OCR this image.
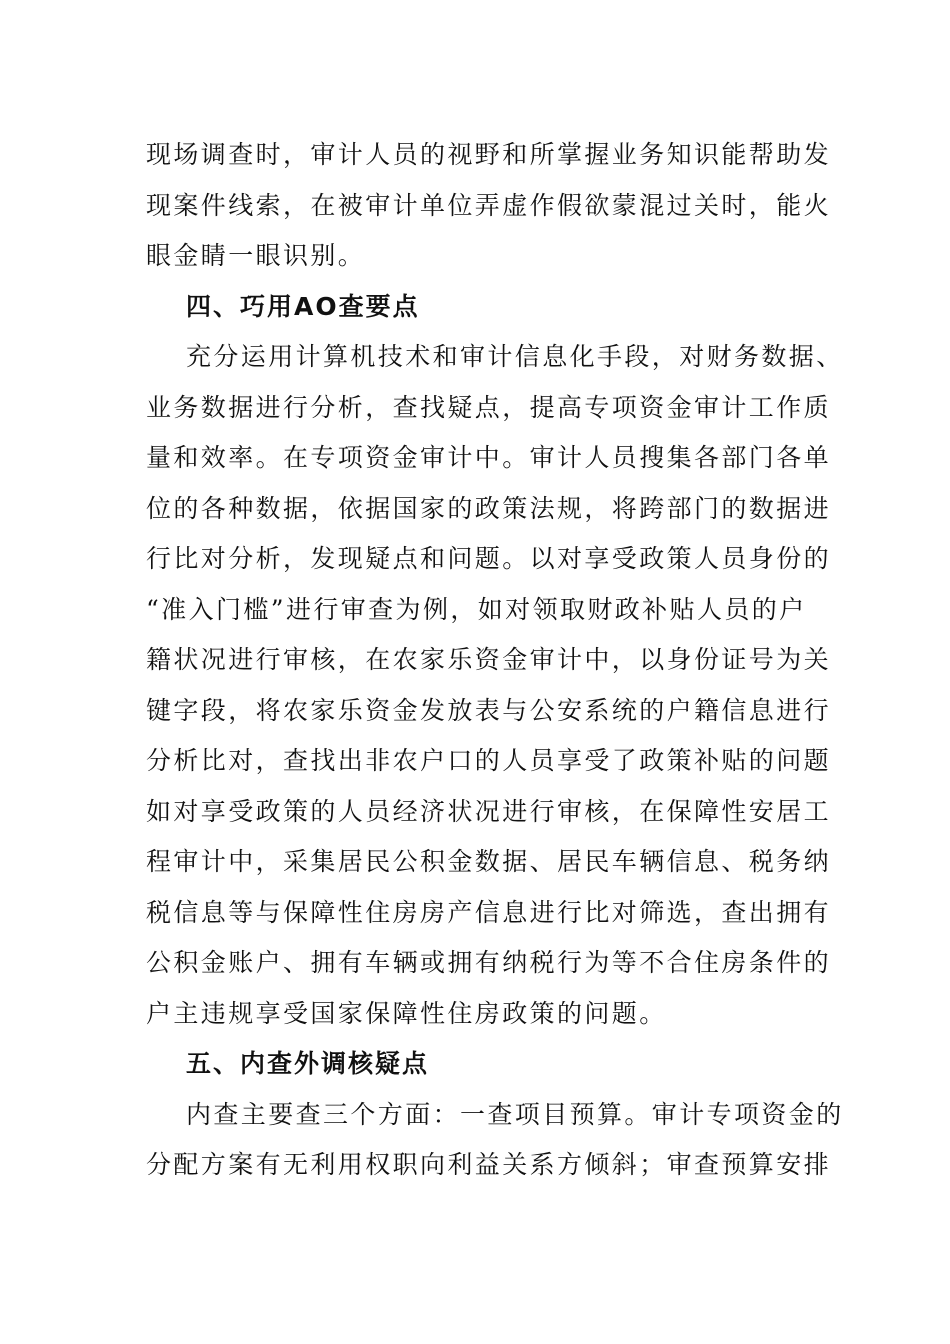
现场调查时，审计人员的视野和所掌握业务知识能帮助发
现案件线索，在被审计单位弄虚作假欲蒙混过关时，能火
眼金睛一眼识别。
四、巧用AO查要点
充分运用计算机技术和审计信息化手段，对财务数据、
业务数据进行分析，查找疑点，提高专项资金审计工作质
量和效率。在专项资金审计中。审计人员搜集各部门各单
位的各种数据，依据国家的政策法规，将跨部门的数据进
行比对分析，发现疑点和问题。以对享受政策人员身份的
“准入门槛”进行审查为例，如对领取财政补贴人员的户
籍状况进行审核，在农家乐资金审计中，以身份证号为关
键字段，将农家乐资金发放表与公安系统的户籍信息进行
分析比对，查找出非农户口的人员享受了政策补贴的问题
如对享受政策的人员经济状况进行审核，在保障性安居工
程审计中，采集居民公积金数据、居民车辆信息、税务纳
税信息等与保障性住房房产信息进行比对筛选，查出拥有
公积金账户、拥有车辆或拥有纳税行为等不合住房条件的
户主违规享受国家保障性住房政策的问题。
五、内查外调核疑点
内查主要查三个方面：一查项目预算。审计专项资金的
分配方案有无利用权职向利益关系方倾斜；审查预算安排
